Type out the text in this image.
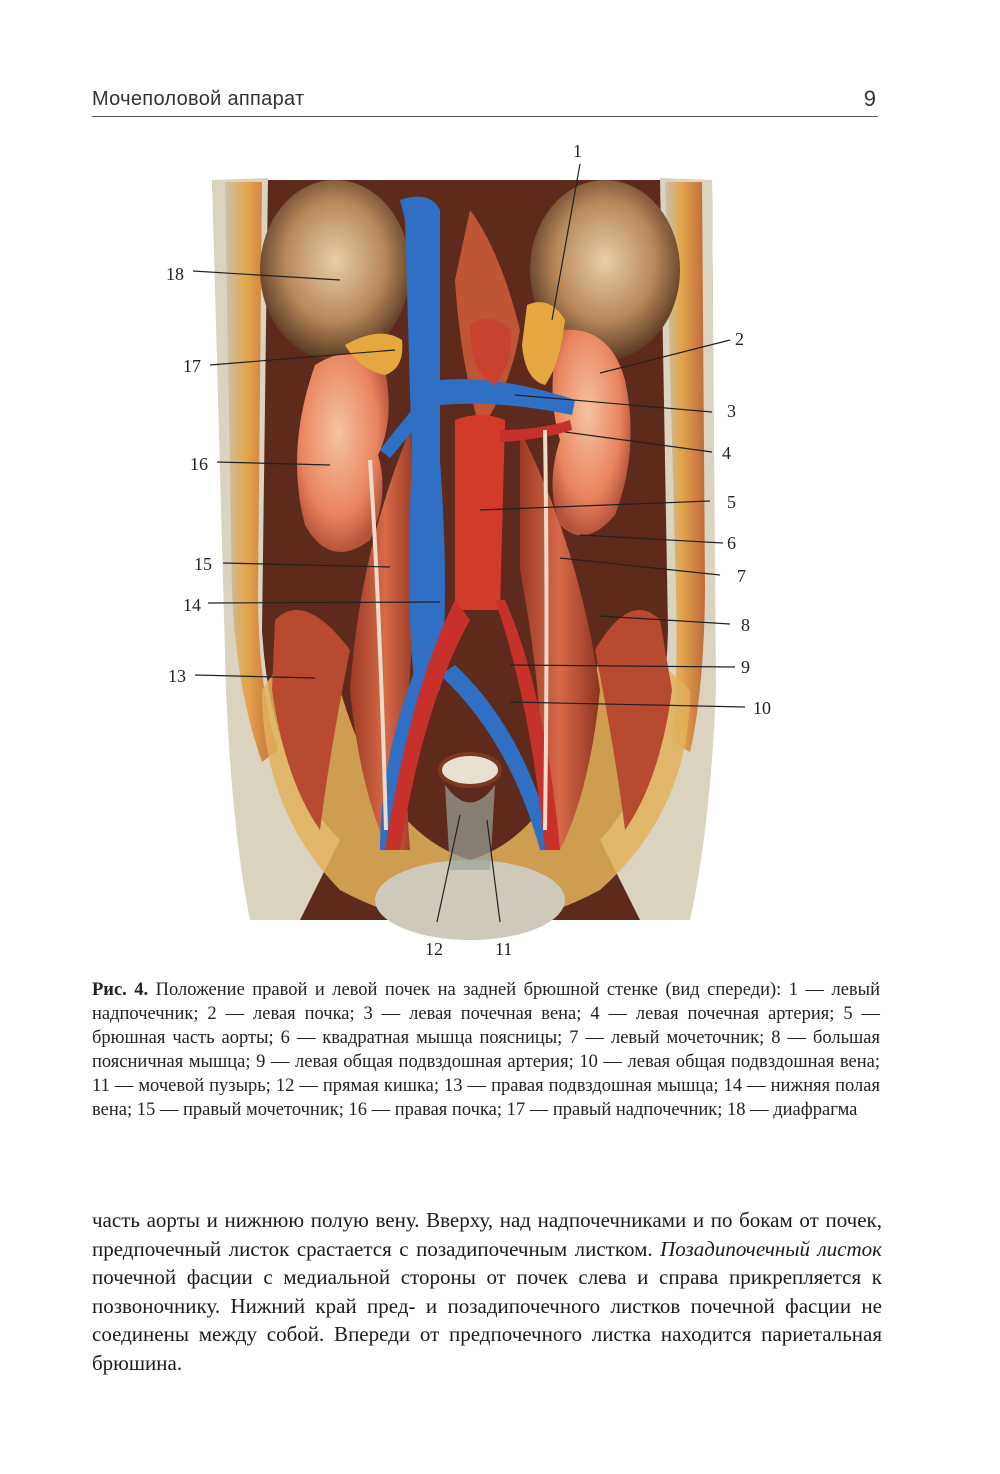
Мочеполовой аппарат	9
1
2
3
4
5
6
7
8
9
10
11
12
13
14
15
16
17
18
Рис. 4. Положение правой и левой почек на задней брюшной стенке (вид спереди): 1 — левый надпочечник; 2 — левая почка; 3 — левая почечная вена; 4 — левая почечная артерия; 5 — брюшная часть аорты; 6 — квадратная мышца поясницы; 7 — левый мочеточник; 8 — большая поясничная мышца; 9 — левая общая подвздошная артерия; 10 — левая общая подвздошная вена; 11 — мочевой пузырь; 12 — прямая кишка; 13 — правая подвздошная мышца; 14 — нижняя полая вена; 15 — правый мочеточник; 16 — правая почка; 17 — правый надпочечник; 18 — диафрагма

часть аорты и нижнюю полую вену. Вверху, над надпочечниками и по бокам от почек, предпочечный листок срастается с позадипочечным листком. Позадипочечный листок почечной фасции с медиальной стороны от почек слева и справа прикрепляется к позвоночнику. Нижний край пред- и позадипочечного листков почечной фасции не соединены между собой. Впереди от предпочечного листка находится париетальная брюшина.
